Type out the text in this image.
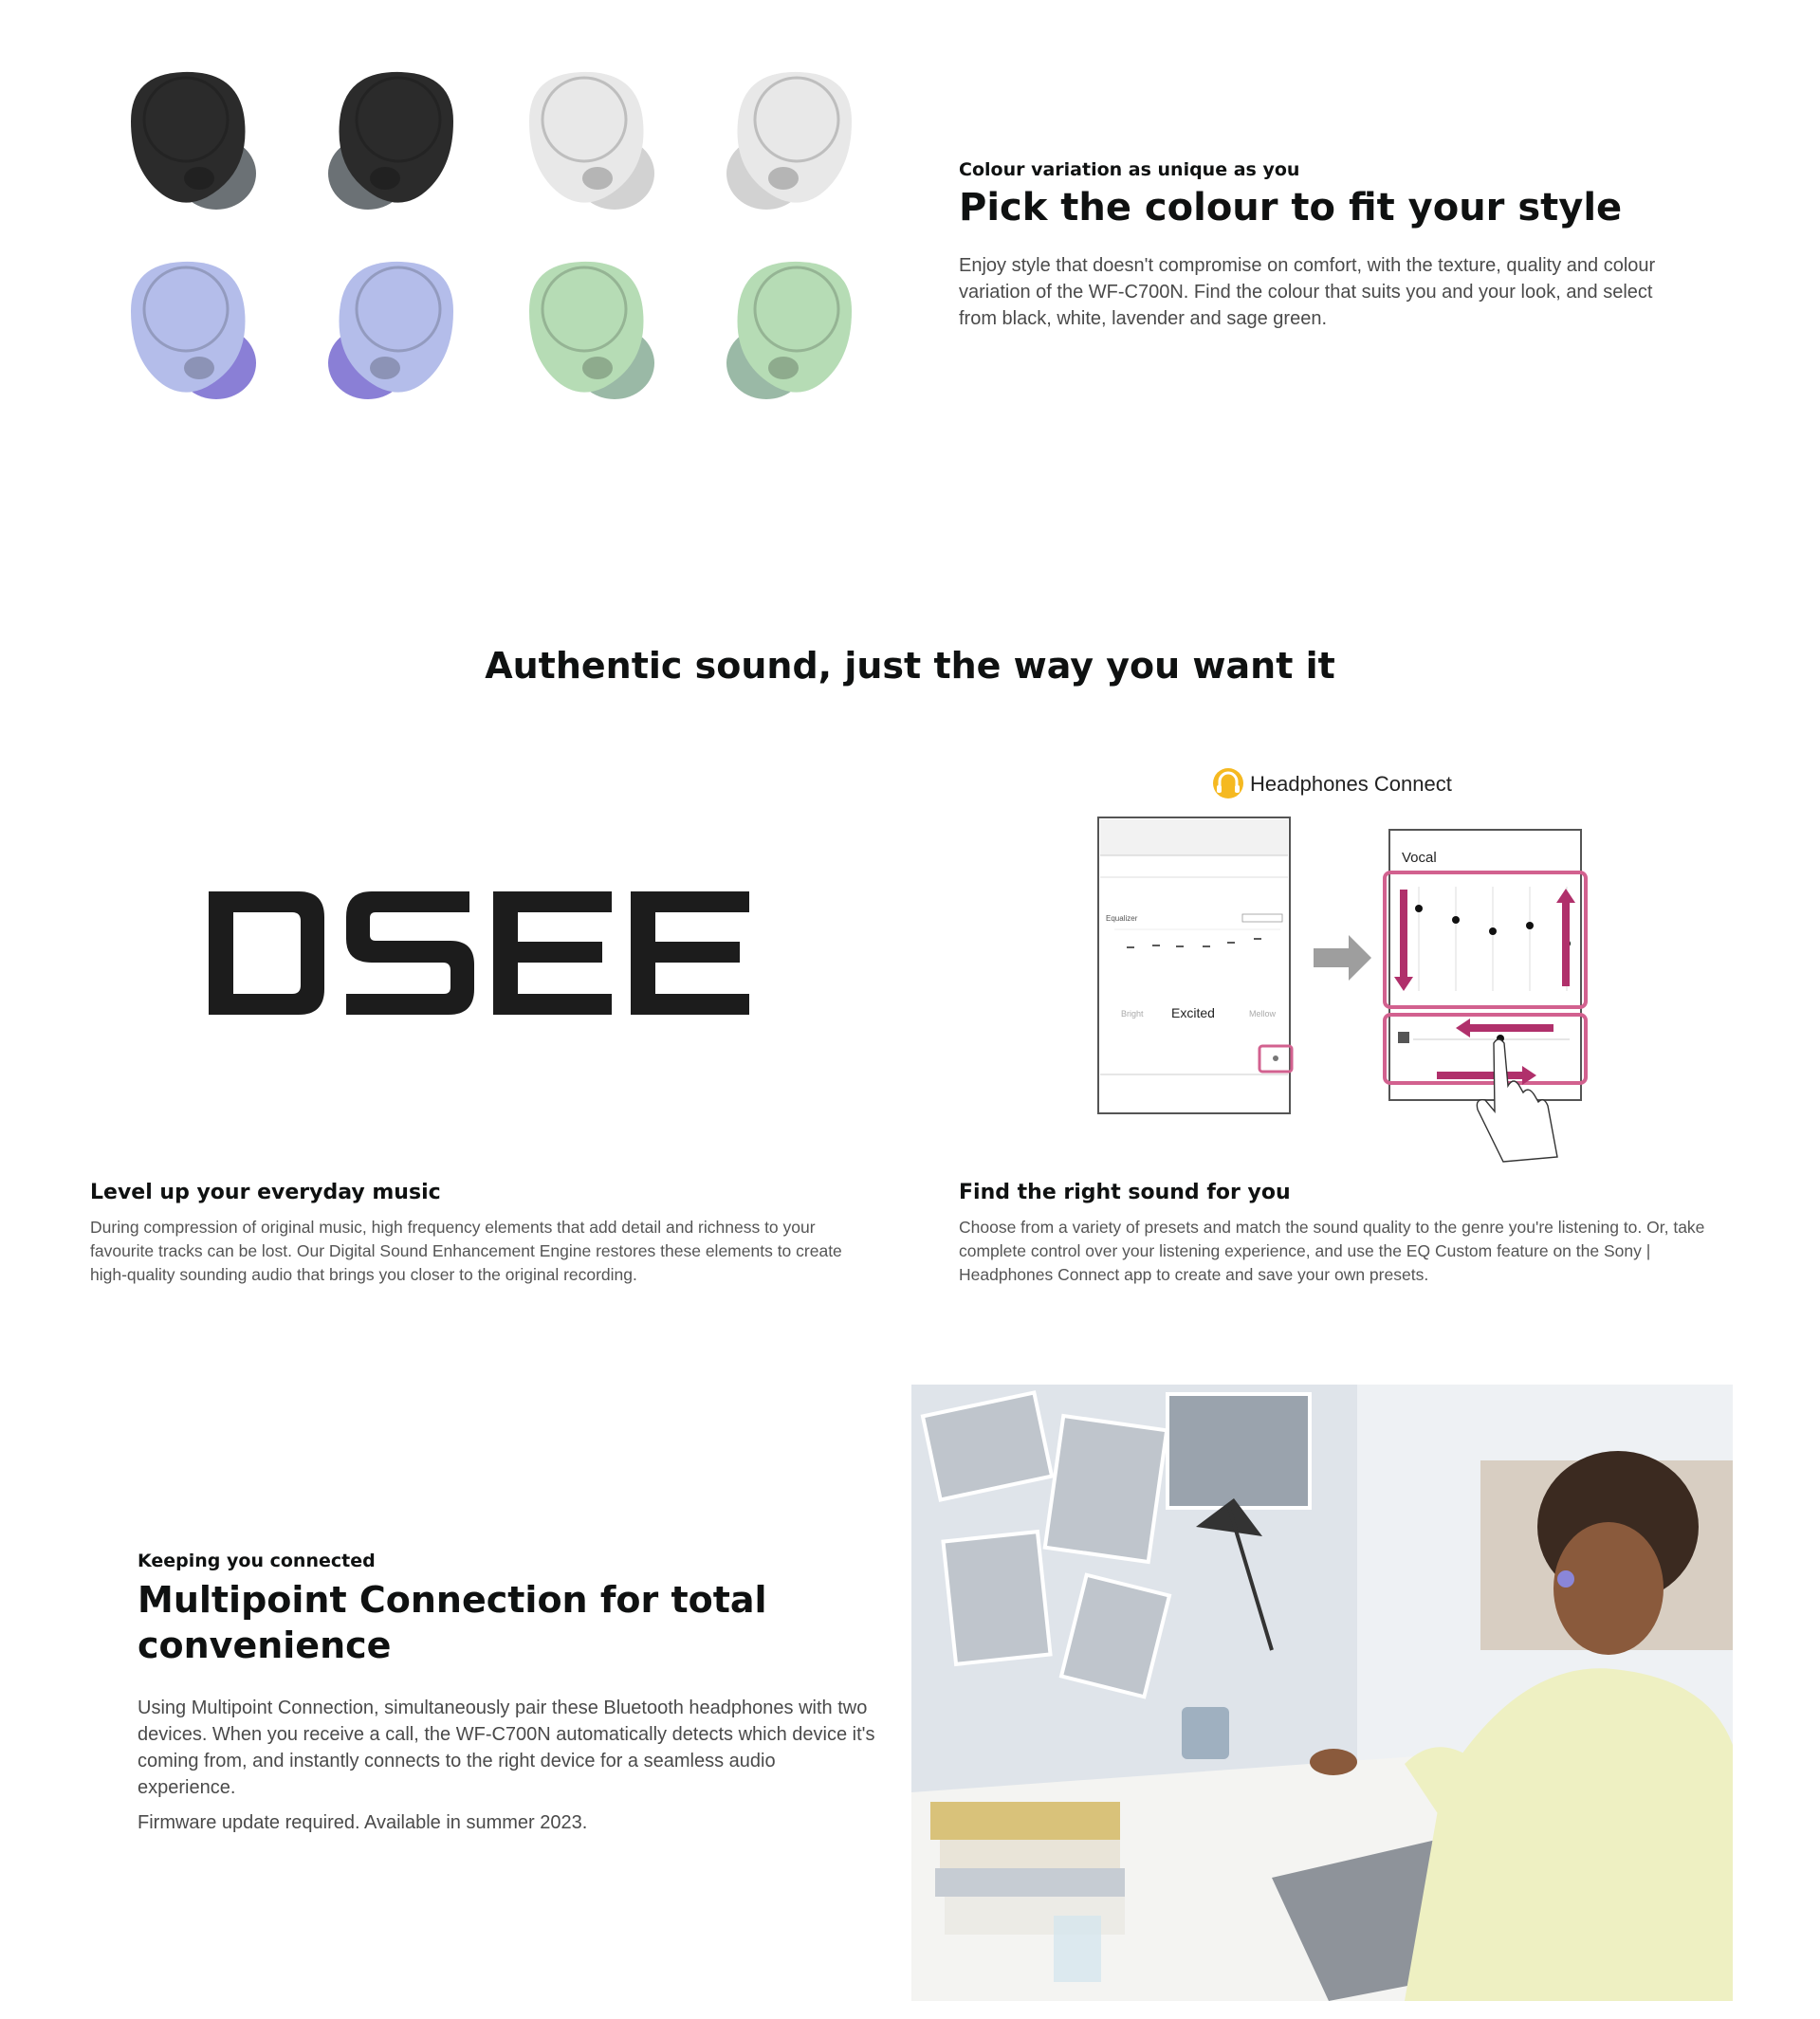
Colour variation as unique as you
Pick the colour to fit your style
Enjoy style that doesn't compromise on comfort, with the texture, quality and colour variation of the WF-C700N. Find the colour that suits you and your look, and select from black, white, lavender and sage green.
Authentic sound, just the way you want it
Headphones Connect
Equalizer
Bright Excited	Mellow
Vocal
Level up your everyday music
During compression of original music, high frequency elements that add detail and richness to your favourite tracks can be lost. Our Digital Sound Enhancement Engine restores these elements to create high-quality sounding audio that brings you closer to the original recording.
Find the right sound for you
Choose from a variety of presets and match the sound quality to the genre you're listening to. Or, take complete control over your listening experience, and use the EQ Custom feature on the Sony | Headphones Connect app to create and save your own presets.
Keeping you connected
Multipoint Connection for total convenience
Using Multipoint Connection, simultaneously pair these Bluetooth headphones with two devices. When you receive a call, the WF-C700N automatically detects which device it's coming from, and instantly connects to the right device for a seamless audio experience.
Firmware update required. Available in summer 2023.
